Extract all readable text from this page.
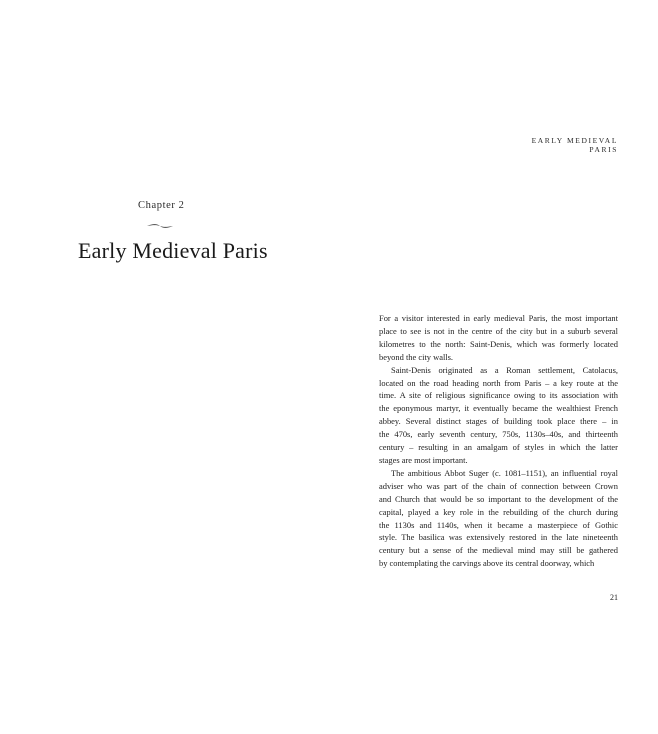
EARLY MEDIEVAL PARIS
Chapter 2
Early Medieval Paris

For a visitor interested in early medieval Paris, the most important
place to see is not in the centre of the city but in a suburb several
kilometres to the north: Saint-Denis, which was formerly located
beyond the city walls.

Saint-Denis originated as a Roman settlement, Catolacus,
located on the road heading north from Paris – a key route at the
time. A site of religious significance owing to its association with
the eponymous martyr, it eventually became the wealthiest French
abbey. Several distinct stages of building took place there – in
the 470s, early seventh century, 750s, 1130s–40s, and thirteenth
century – resulting in an amalgam of styles in which the latter
stages are most important.

The ambitious Abbot Suger (c. 1081–1151), an influential royal
adviser who was part of the chain of connection between Crown
and Church that would be so important to the development of the
capital, played a key role in the rebuilding of the church during
the 1130s and 1140s, when it became a masterpiece of Gothic
style. The basilica was extensively restored in the late nineteenth
century but a sense of the medieval mind may still be gathered
by contemplating the carvings above its central doorway, which

21
